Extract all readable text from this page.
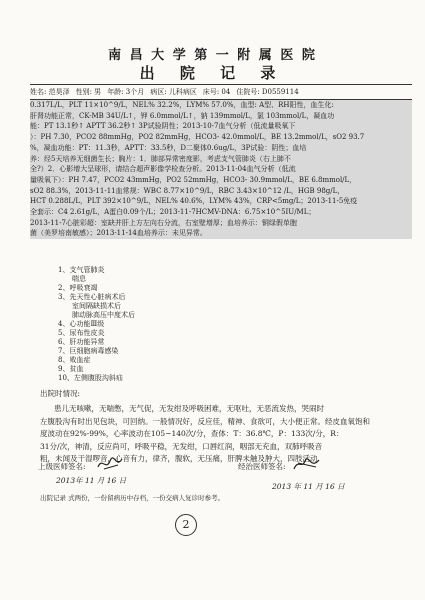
南 昌 大 学 第 一 附 属 医 院
出 院 记 录
姓名: 范昊泽 性别: 男 年龄: 3个月 病区: 儿科病区 床号: 04 住院号: D0559114

0.317L/L，PLT 11×10^9/L，NEL% 32.2%，LYM% 57.0%，血型: A型、RH阳性，血生化:

肝肾功能正常，CK-MB 34U/L↑，钾 6.0mmol/L↑，钠 139mmol/L，氯 103mmol/L，凝血功

能：PT 13.1秒↑ APTT 36.2秒↑ 3P试验阴性；2013-10-7血气分析（低流量吸氧下

）：PH 7.30，PCO2 88mmHg，PO2 82mmHg，HCO3- 42.0mmol/L，BE 13.2mmol/L，sO2 93.7

%，凝血功能：PT：11.3秒，APTT：33.5秒，D二聚体0.6ug/L，3P试验：阴性；血培

养：经5天培养无细菌生长；胸片：1．肺部异常密度影，考虑支气管肺炎（右上肺不

全?）2．心影增大呈球形，请结合超声影像学检查分析。2013-11-04血气分析（低流

量吸氧下）：PH 7.47，PCO2 43mmHg，PO2 52mmHg，HCO3- 30.9mmol/L，BE 6.8mmol/L，

sO2 88.3%，2013-11-11血常规：WBC 8.77×10^9/L，RBC 3.43×10^12 /L，HGB 98g/L，

HCT 0.288L/L，PLT 392×10^9/L，NEL% 40.6%，LYM% 43%，CRP<5mg/L；2013-11-5免疫

全套示：C4 2.61g/L，A蛋白0.09个/L；2013-11-7HCMV-DNA：6.75×10^5IU/ML；

2013-11-7心脏彩超：室缺并肝上方左向右分流，右室壁增厚；血培养示：铜绿假单胞

菌（美罗培南敏感）；2013-11-14血培养示：未见异常。

1、支气管肺炎

喘息

2、呼吸衰竭

3、先天性心脏病术后

室间隔缺损术后

肺动脉高压中度术后

4、心功能Ⅲ级

5、尿布性皮炎

6、肝功能异常

7、巨细胞病毒感染

8、败血症

9、贫血

10、左侧腹股沟斜疝

出院时情况:

患儿无咳嗽，无喘憋，无气促，无发绀及呼吸困难，无呕吐，无恶流发热，哭闹时

左腹股沟有时出见包块，可回纳。一般情况好，反应佳，精神、食欲可，大小便正常。经皮血氧饱和

度波动在92%-99%，心率波动在105~140次/分，查体：T：36.8℃，P：133次/分，R：

31分/次，神清，反应尚可，呼吸平稳，无发绀，口唇红润，咽部无充血，双肺呼吸音

粗，未闻及干湿啰音，心音有力，律齐，腹软，无压痛，肝脾未触及肿大，四肢活动

上级医师签名:	经治医师签名:
2013年 11 月 16 日
2013 年 11 月 16 日
出院记录 式两份，一份留病历中存档，一份交病人复诊时参考。
2
